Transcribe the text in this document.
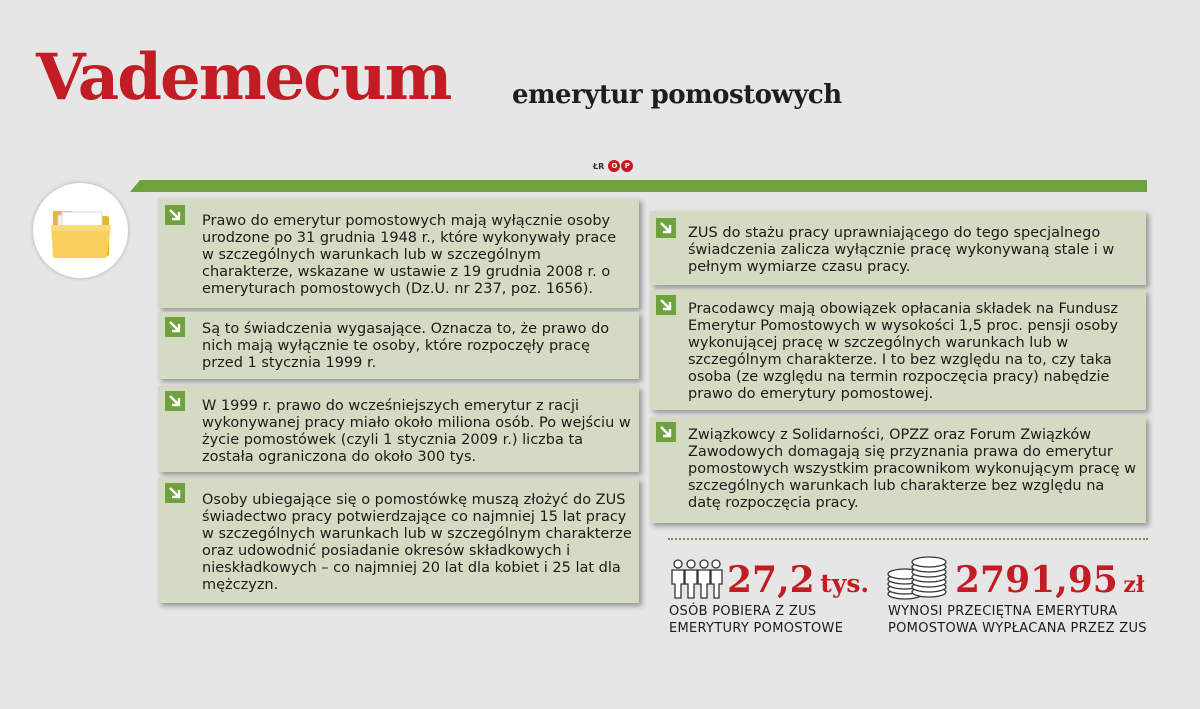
Vademecum emerytur pomostowych
ŁR	O	P
Prawo do emerytur pomostowych mają wyłącznie osoby urodzone po 31 grudnia 1948 r., które wykonywały prace w szczególnych warunkach lub w szczególnym charakterze, wskazane w ustawie z 19 grudnia 2008 r. o emeryturach pomostowych (Dz.U. nr 237, poz. 1656).
Są to świadczenia wygasające. Oznacza to, że prawo do nich mają wyłącznie te osoby, które rozpoczęły pracę przed 1 stycznia 1999 r.
W 1999 r. prawo do wcześniejszych emerytur z racji wykonywanej pracy miało około miliona osób. Po wejściu w życie pomostówek (czyli 1 stycznia 2009 r.) liczba ta została ograniczona do około 300 tys.
Osoby ubiegające się o pomostówkę muszą złożyć do ZUS świadectwo pracy potwierdzające co najmniej 15 lat pracy w szczególnych warunkach lub w szczególnym charakterze oraz udowodnić posiadanie okresów składkowych i nieskładkowych – co najmniej 20 lat dla kobiet i 25 lat dla mężczyzn.
ZUS do stażu pracy uprawniającego do tego specjalnego świadczenia zalicza wyłącznie pracę wykonywaną stale i w pełnym wymiarze czasu pracy.
Pracodawcy mają obowiązek opłacania składek na Fundusz Emerytur Pomostowych w wysokości 1,5 proc. pensji osoby wykonującej pracę w szczególnych warunkach lub w szczególnym charakterze. I to bez względu na to, czy taka osoba (ze względu na termin rozpoczęcia pracy) nabędzie prawo do emerytury pomostowej.
Związkowcy z Solidarności, OPZZ oraz Forum Związków Zawodowych domagają się przyznania prawa do emerytur pomostowych wszystkim pracownikom wykonującym pracę w szczególnych warunkach lub charakterze bez względu na datę rozpoczęcia pracy.
27,2 tys.
OSÓB POBIERA Z ZUS
EMERYTURY POMOSTOWE
2791,95 zł
WYNOSI PRZECIĘTNA EMERYTURA
POMOSTOWA WYPŁACANA PRZEZ ZUS
